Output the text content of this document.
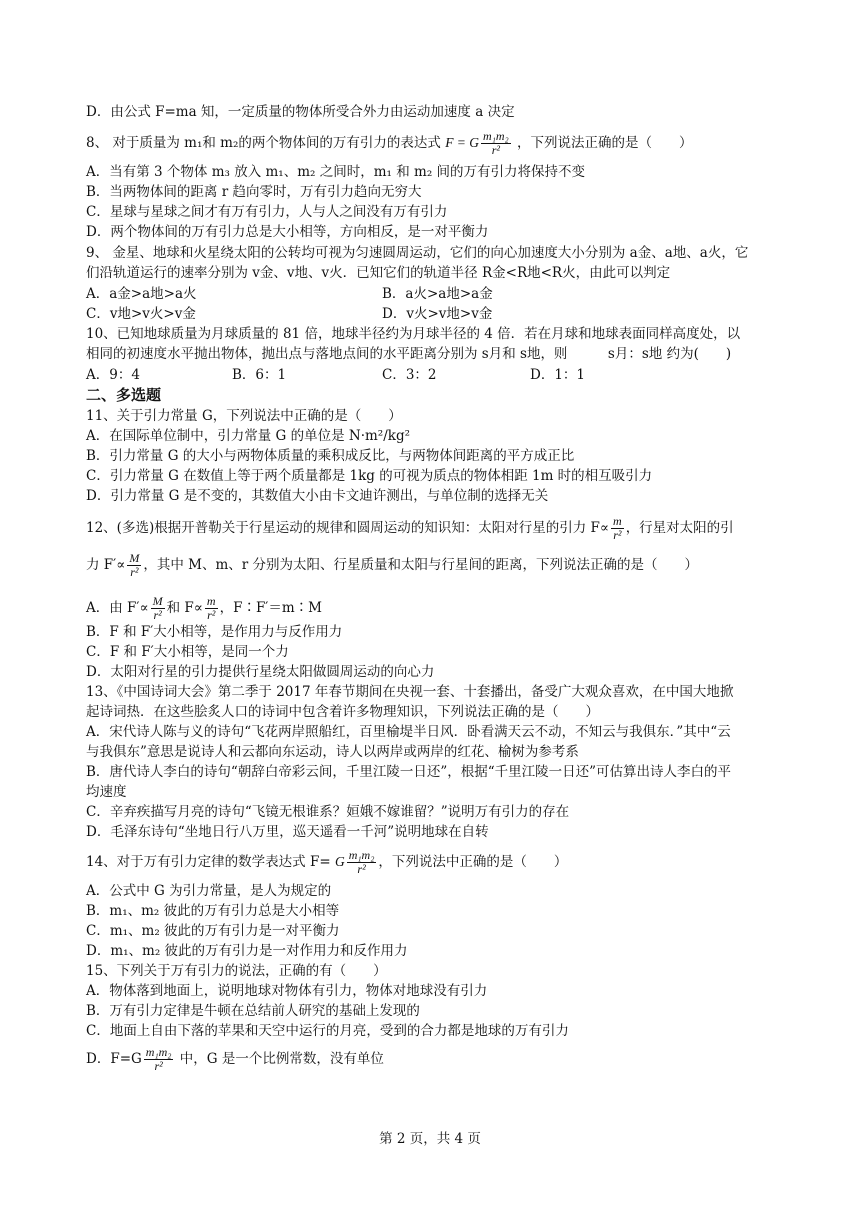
D．由公式 F=ma 知，一定质量的物体所受合外力由运动加速度 a 决定
8、 对于质量为 m₁和 m₂的两个物体间的万有引力的表达式 F = G $\frac{\text{m₁m₂}}{\text{r²}}$ ，下列说法正确的是（　　）
A．当有第 3 个物体 m₃ 放入 m₁、m₂ 之间时，m₁ 和 m₂ 间的万有引力将保持不变
B．当两物体间的距离 r 趋向零时，万有引力趋向无穷大
C．星球与星球之间才有万有引力，人与人之间没有万有引力
D．两个物体间的万有引力总是大小相等，方向相反，是一对平衡力
9、 金星、地球和火星绕太阳的公转均可视为匀速圆周运动，它们的向心加速度大小分别为 a金、a地、a火，它
们沿轨道运行的速率分别为 v金、v地、v火．已知它们的轨道半径 R金<R地<R火，由此可以判定
A．a金>a地>a火	B．a火>a地>a金
C．v地>v火>v金	D．v火>v地>v金
10、已知地球质量为月球质量的 81 倍，地球半径约为月球半径的 4 倍．若在月球和地球表面同样高度处，以
相同的初速度水平抛出物体，抛出点与落地点间的水平距离分别为 s月和 s地，则　　　s月：s地 约为(　　)
A．9：4	B．6：1	C．3：2	D．1：1
二、多选题
11、关于引力常量 G，下列说法中正确的是（　　）
A．在国际单位制中，引力常量 G 的单位是 N·m²/kg²
B．引力常量 G 的大小与两物体质量的乘积成反比，与两物体间距离的平方成正比
C．引力常量 G 在数值上等于两个质量都是 1kg 的可视为质点的物体相距 1m 时的相互吸引力
D．引力常量 G 是不变的，其数值大小由卡文迪许测出，与单位制的选择无关
12、(多选)根据开普勒关于行星运动的规律和圆周运动的知识知：太阳对行星的引力 $F\propto \frac{m}{\text{r²}}$ ，行星对太阳的引
力 $F'\propto \frac{M}{\text{r²}}$ ，其中 M、m、r 分别为太阳、行星质量和太阳与行星间的距离，下列说法正确的是（　　）
A．由 $F'\propto \frac{M}{\text{r²}}$ 和 $F\propto \frac{m}{\text{r²}}$ ，F∶F′＝m∶M
B．F 和 F′大小相等，是作用力与反作用力
C．F 和 F′大小相等，是同一个力
D．太阳对行星的引力提供行星绕太阳做圆周运动的向心力
13、《中国诗词大会》第二季于 2017 年春节期间在央视一套、十套播出，备受广大观众喜欢，在中国大地掀
起诗词热．在这些脍炙人口的诗词中包含着许多物理知识，下列说法正确的是（　　）
A．宋代诗人陈与义的诗句“飞花两岸照船红，百里榆堤半日风．卧看满天云不动，不知云与我俱东．”其中“云
与我俱东”意思是说诗人和云都向东运动，诗人以两岸或两岸的红花、榆树为参考系
B．唐代诗人李白的诗句“朝辞白帝彩云间，千里江陵一日还”，根据“千里江陵一日还”可估算出诗人李白的平
均速度
C．辛弃疾描写月亮的诗句“飞镜无根谁系？姮娥不嫁谁留？”说明万有引力的存在
D．毛泽东诗句“坐地日行八万里，巡天遥看一千河”说明地球在自转
14、对于万有引力定律的数学表达式 F= G $\frac{\text{m₁m₂}}{\text{r²}}$ ，下列说法中正确的是（　　）
A．公式中 G 为引力常量，是人为规定的
B．m₁、m₂ 彼此的万有引力总是大小相等
C．m₁、m₂ 彼此的万有引力是一对平衡力
D．m₁、m₂ 彼此的万有引力是一对作用力和反作用力
15、下列关于万有引力的说法，正确的有（　　）
A．物体落到地面上，说明地球对物体有引力，物体对地球没有引力
B．万有引力定律是牛顿在总结前人研究的基础上发现的
C．地面上自由下落的苹果和天空中运行的月亮，受到的合力都是地球的万有引力
D．$F=G \frac{\text{m₁m₂}}{\text{r²}}$ 中，G 是一个比例常数，没有单位
第 2 页，共 4 页
